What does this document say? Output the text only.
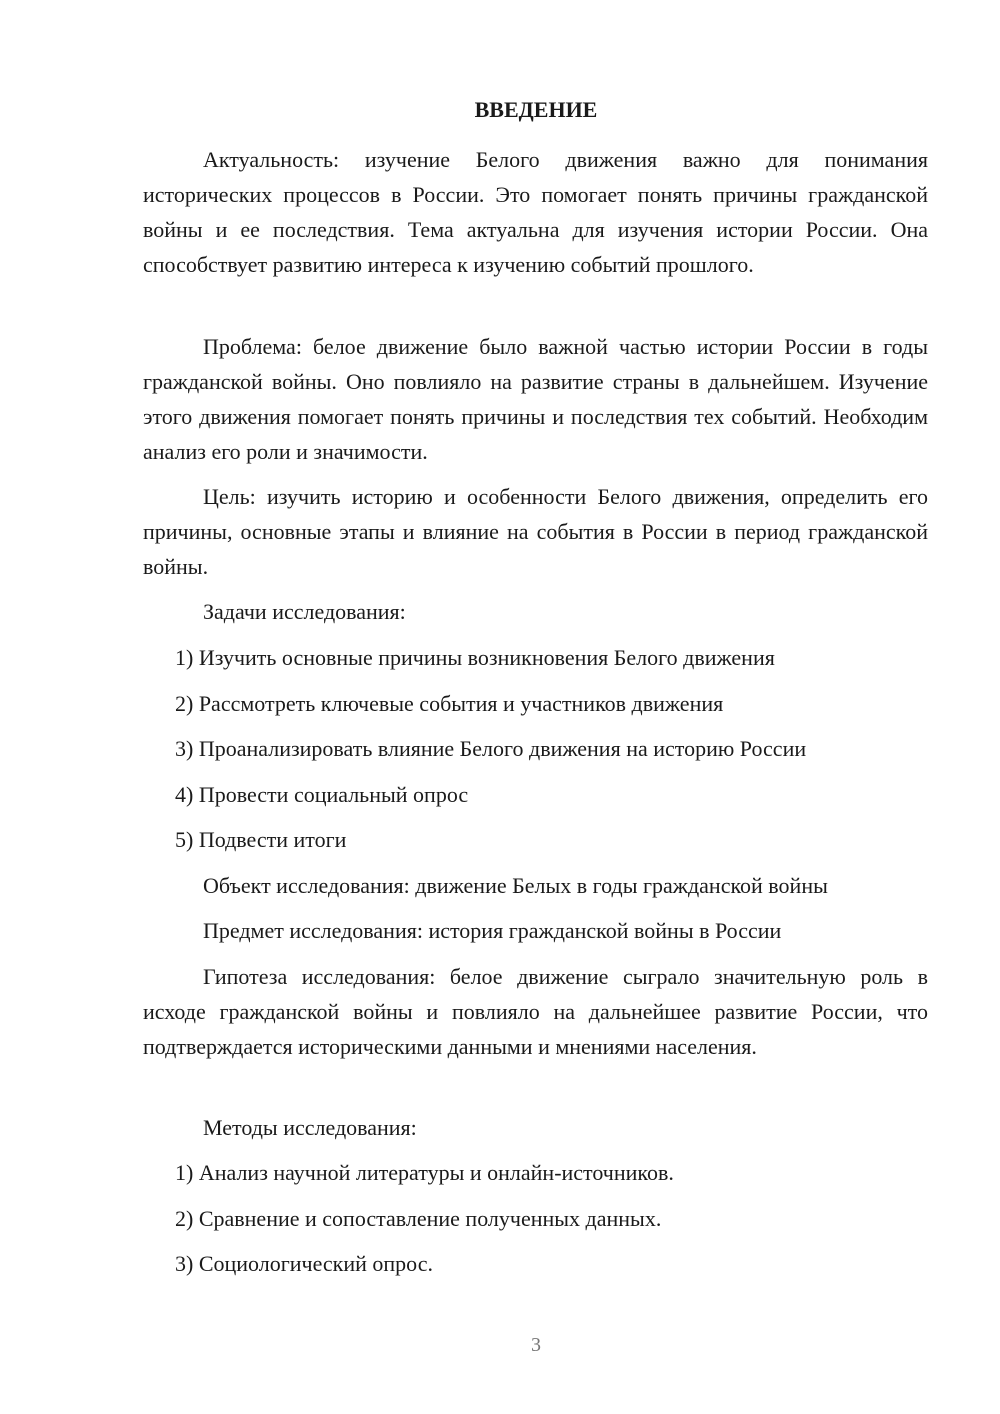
ВВЕДЕНИЕ

Актуальность: изучение Белого движения важно для понимания исторических процессов в России. Это помогает понять причины гражданской войны и ее последствия. Тема актуальна для изучения истории России. Она способствует развитию интереса к изучению событий прошлого.

Проблема: белое движение было важной частью истории России в годы гражданской войны. Оно повлияло на развитие страны в дальнейшем. Изучение этого движения помогает понять причины и последствия тех событий. Необходим анализ его роли и значимости.

Цель: изучить историю и особенности Белого движения, определить его причины, основные этапы и влияние на события в России в период гражданской войны.

Задачи исследования:

1) Изучить основные причины возникновения Белого движения

2) Рассмотреть ключевые события и участников движения

3) Проанализировать влияние Белого движения на историю России

4) Провести социальный опрос

5) Подвести итоги

Объект исследования: движение Белых в годы гражданской войны

Предмет исследования: история гражданской войны в России

Гипотеза исследования: белое движение сыграло значительную роль в исходе гражданской войны и повлияло на дальнейшее развитие России, что подтверждается историческими данными и мнениями населения.

Методы исследования:

1) Анализ научной литературы и онлайн-источников.

2) Сравнение и сопоставление полученных данных.

3) Социологический опрос.

3
